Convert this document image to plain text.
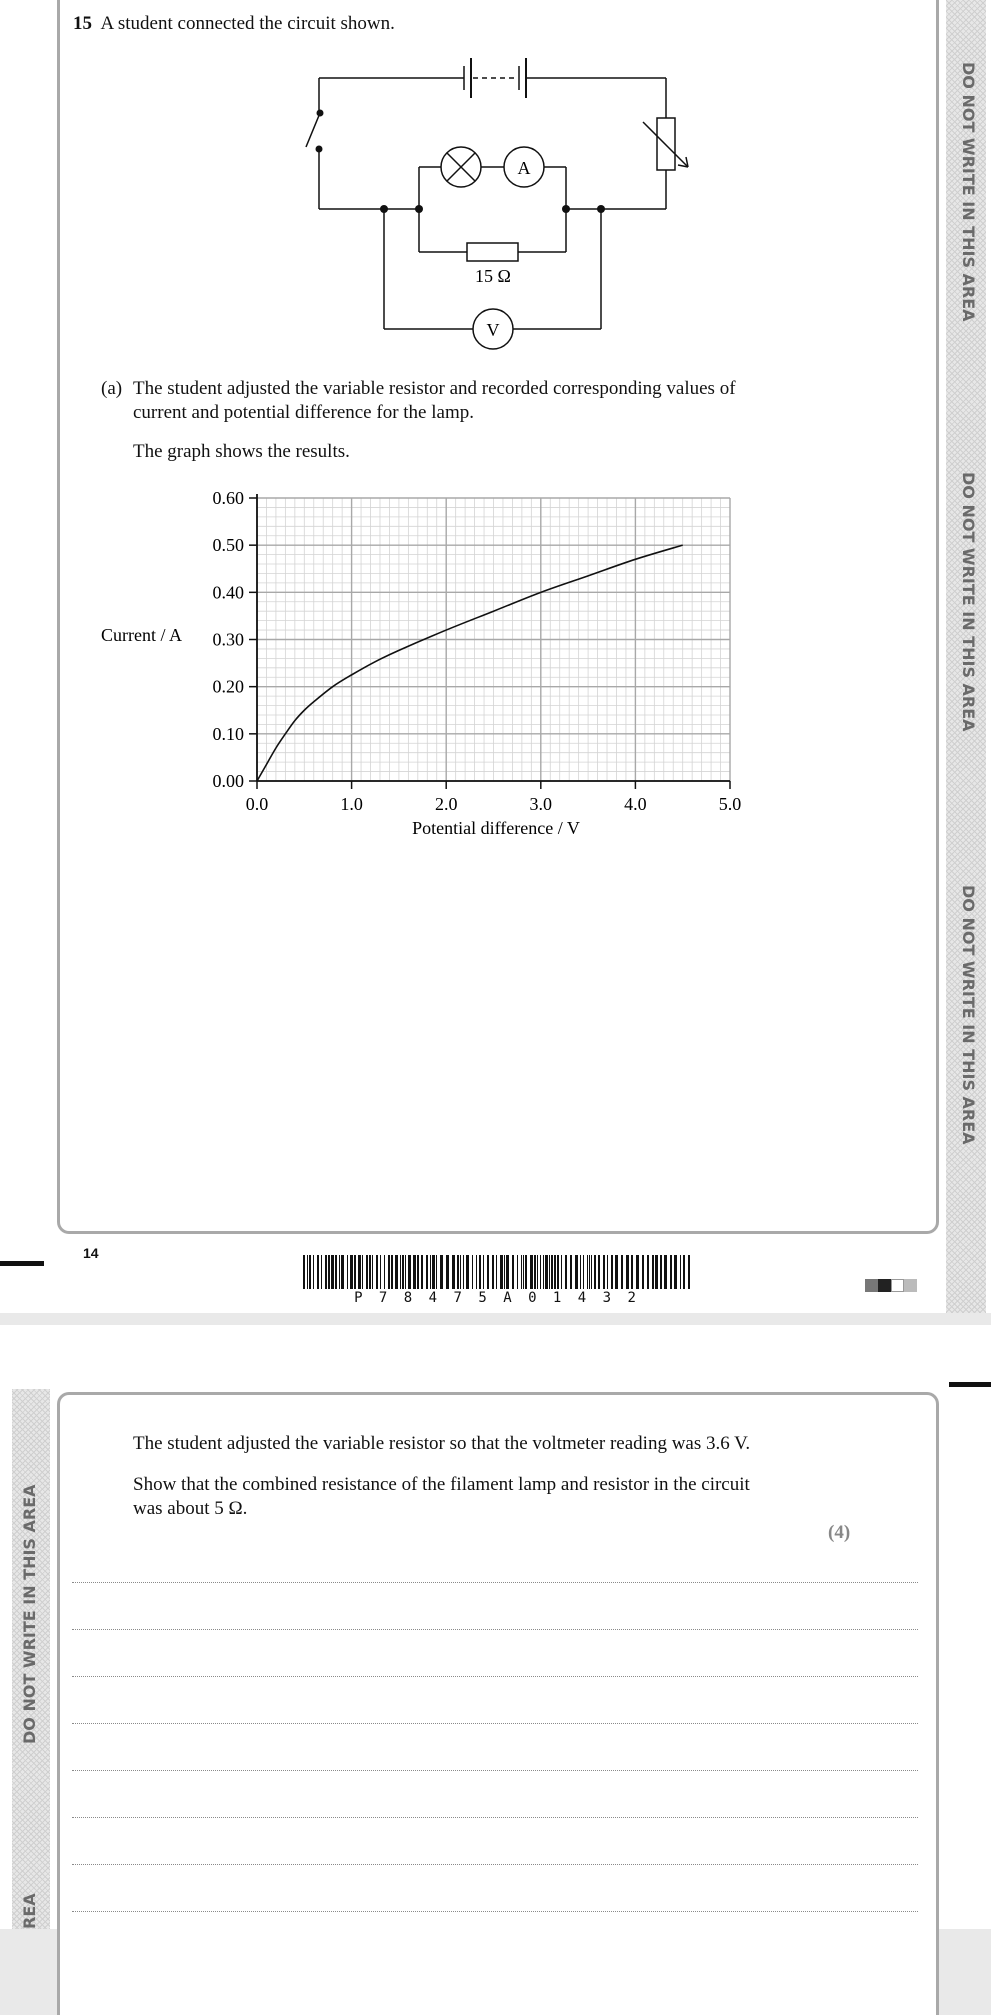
DO NOT WRITE IN THIS AREA
DO NOT WRITE IN THIS AREA
DO NOT WRITE IN THIS AREA
15 A student connected the circuit shown.
A
V
15 Ω
(a) The student adjusted the variable resistor and recorded corresponding values of
current and potential difference for the lamp.
The graph shows the results.
0.0	1.0	2.0	3.0	4.0	5.0
0.00
0.10
0.20
0.30
0.40
0.50
0.60
Current / A
Potential difference / V
14
P 7 8 4 7 5 A 0 1 4 3 2
DO NOT WRITE IN THIS AREA
REA
The student adjusted the variable resistor so that the voltmeter reading was 3.6 V.
Show that the combined resistance of the filament lamp and resistor in the circuit
was about 5 Ω.
(4)
